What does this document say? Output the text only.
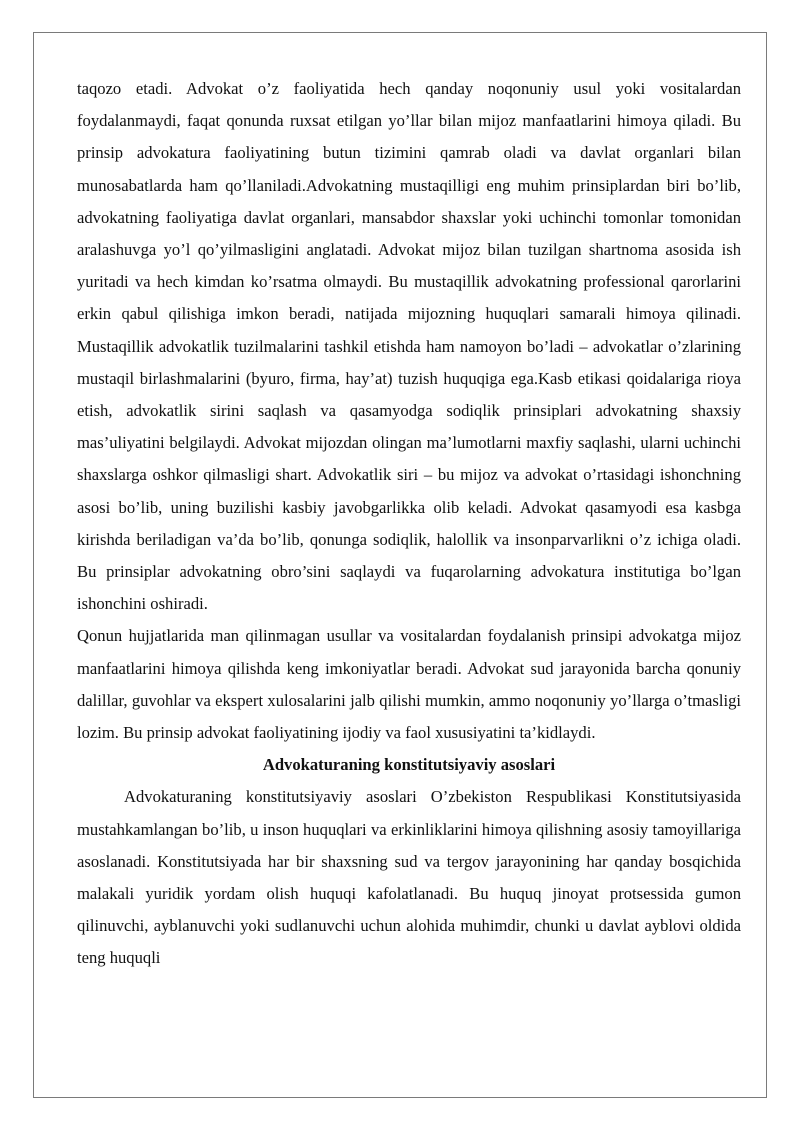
taqozo etadi. Advokat o’z faoliyatida hech qanday noqonuniy usul yoki vositalardan foydalanmaydi, faqat qonunda ruxsat etilgan yo’llar bilan mijoz manfaatlarini himoya qiladi. Bu prinsip advokatura faoliyatining butun tizimini qamrab oladi va davlat organlari bilan munosabatlarda ham qo’llaniladi.Advokatning mustaqilligi eng muhim prinsiplardan biri bo’lib, advokatning faoliyatiga davlat organlari, mansabdor shaxslar yoki uchinchi tomonlar tomonidan aralashuvga yo’l qo’yilmasligini anglatadi. Advokat mijoz bilan tuzilgan shartnoma asosida ish yuritadi va hech kimdan ko’rsatma olmaydi. Bu mustaqillik advokatning professional qarorlarini erkin qabul qilishiga imkon beradi, natijada mijozning huquqlari samarali himoya qilinadi. Mustaqillik advokatlik tuzilmalarini tashkil etishda ham namoyon bo’ladi – advokatlar o’zlarining mustaqil birlashmalarini (byuro, firma, hay’at) tuzish huquqiga ega.Kasb etikasi qoidalariga rioya etish, advokatlik sirini saqlash va qasamyodga sodiqlik prinsiplari advokatning shaxsiy mas’uliyatini belgilaydi. Advokat mijozdan olingan ma’lumotlarni maxfiy saqlashi, ularni uchinchi shaxslarga oshkor qilmasligi shart. Advokatlik siri – bu mijoz va advokat o’rtasidagi ishonchning asosi bo’lib, uning buzilishi kasbiy javobgarlikka olib keladi. Advokat qasamyodi esa kasbga kirishda beriladigan va’da bo’lib, qonunga sodiqlik, halollik va insonparvarlikni o’z ichiga oladi. Bu prinsiplar advokatning obro’sini saqlaydi va fuqarolarning advokatura institutiga bo’lgan ishonchini oshiradi.

Qonun hujjatlarida man qilinmagan usullar va vositalardan foydalanish prinsipi advokatga mijoz manfaatlarini himoya qilishda keng imkoniyatlar beradi. Advokat sud jarayonida barcha qonuniy dalillar, guvohlar va ekspert xulosalarini jalb qilishi mumkin, ammo noqonuniy yo’llarga o’tmasligi lozim. Bu prinsip advokat faoliyatining ijodiy va faol xususiyatini ta’kidlaydi.

Advokaturaning konstitutsiyaviy asoslari

Advokaturaning konstitutsiyaviy asoslari O’zbekiston Respublikasi Konstitutsiyasida mustahkamlangan bo’lib, u inson huquqlari va erkinliklarini himoya qilishning asosiy tamoyillariga asoslanadi. Konstitutsiyada har bir shaxsning sud va tergov jarayonining har qanday bosqichida malakali yuridik yordam olish huquqi kafolatlanadi. Bu huquq jinoyat protsessida gumon qilinuvchi, ayblanuvchi yoki sudlanuvchi uchun alohida muhimdir, chunki u davlat ayblovi oldida teng huquqli
